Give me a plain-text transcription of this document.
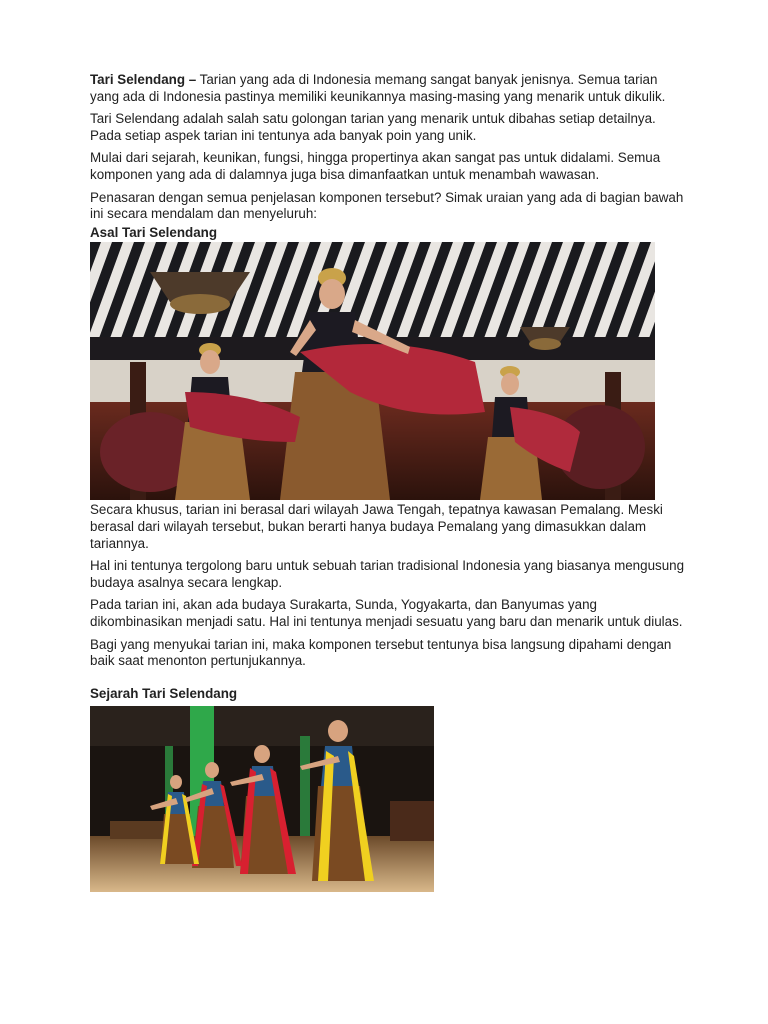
Tari Selendang – Tarian yang ada di Indonesia memang sangat banyak jenisnya. Semua tarian yang ada di Indonesia pastinya memiliki keunikannya masing-masing yang menarik untuk dikulik.

Tari Selendang adalah salah satu golongan tarian yang menarik untuk dibahas setiap detailnya. Pada setiap aspek tarian ini tentunya ada banyak poin yang unik.

Mulai dari sejarah, keunikan, fungsi, hingga propertinya akan sangat pas untuk didalami. Semua komponen yang ada di dalamnya juga bisa dimanfaatkan untuk menambah wawasan.

Penasaran dengan semua penjelasan komponen tersebut? Simak uraian yang ada di bagian bawah ini secara mendalam dan menyeluruh:

Asal Tari Selendang

Secara khusus, tarian ini berasal dari wilayah Jawa Tengah, tepatnya kawasan Pemalang. Meski berasal dari wilayah tersebut, bukan berarti hanya budaya Pemalang yang dimasukkan dalam tariannya.

Hal ini tentunya tergolong baru untuk sebuah tarian tradisional Indonesia yang biasanya mengusung budaya asalnya secara lengkap.

Pada tarian ini, akan ada budaya Surakarta, Sunda, Yogyakarta, dan Banyumas yang dikombinasikan menjadi satu. Hal ini tentunya menjadi sesuatu yang baru dan menarik untuk diulas.

Bagi yang menyukai tarian ini, maka komponen tersebut tentunya bisa langsung dipahami dengan baik saat menonton pertunjukannya.

Sejarah Tari Selendang
